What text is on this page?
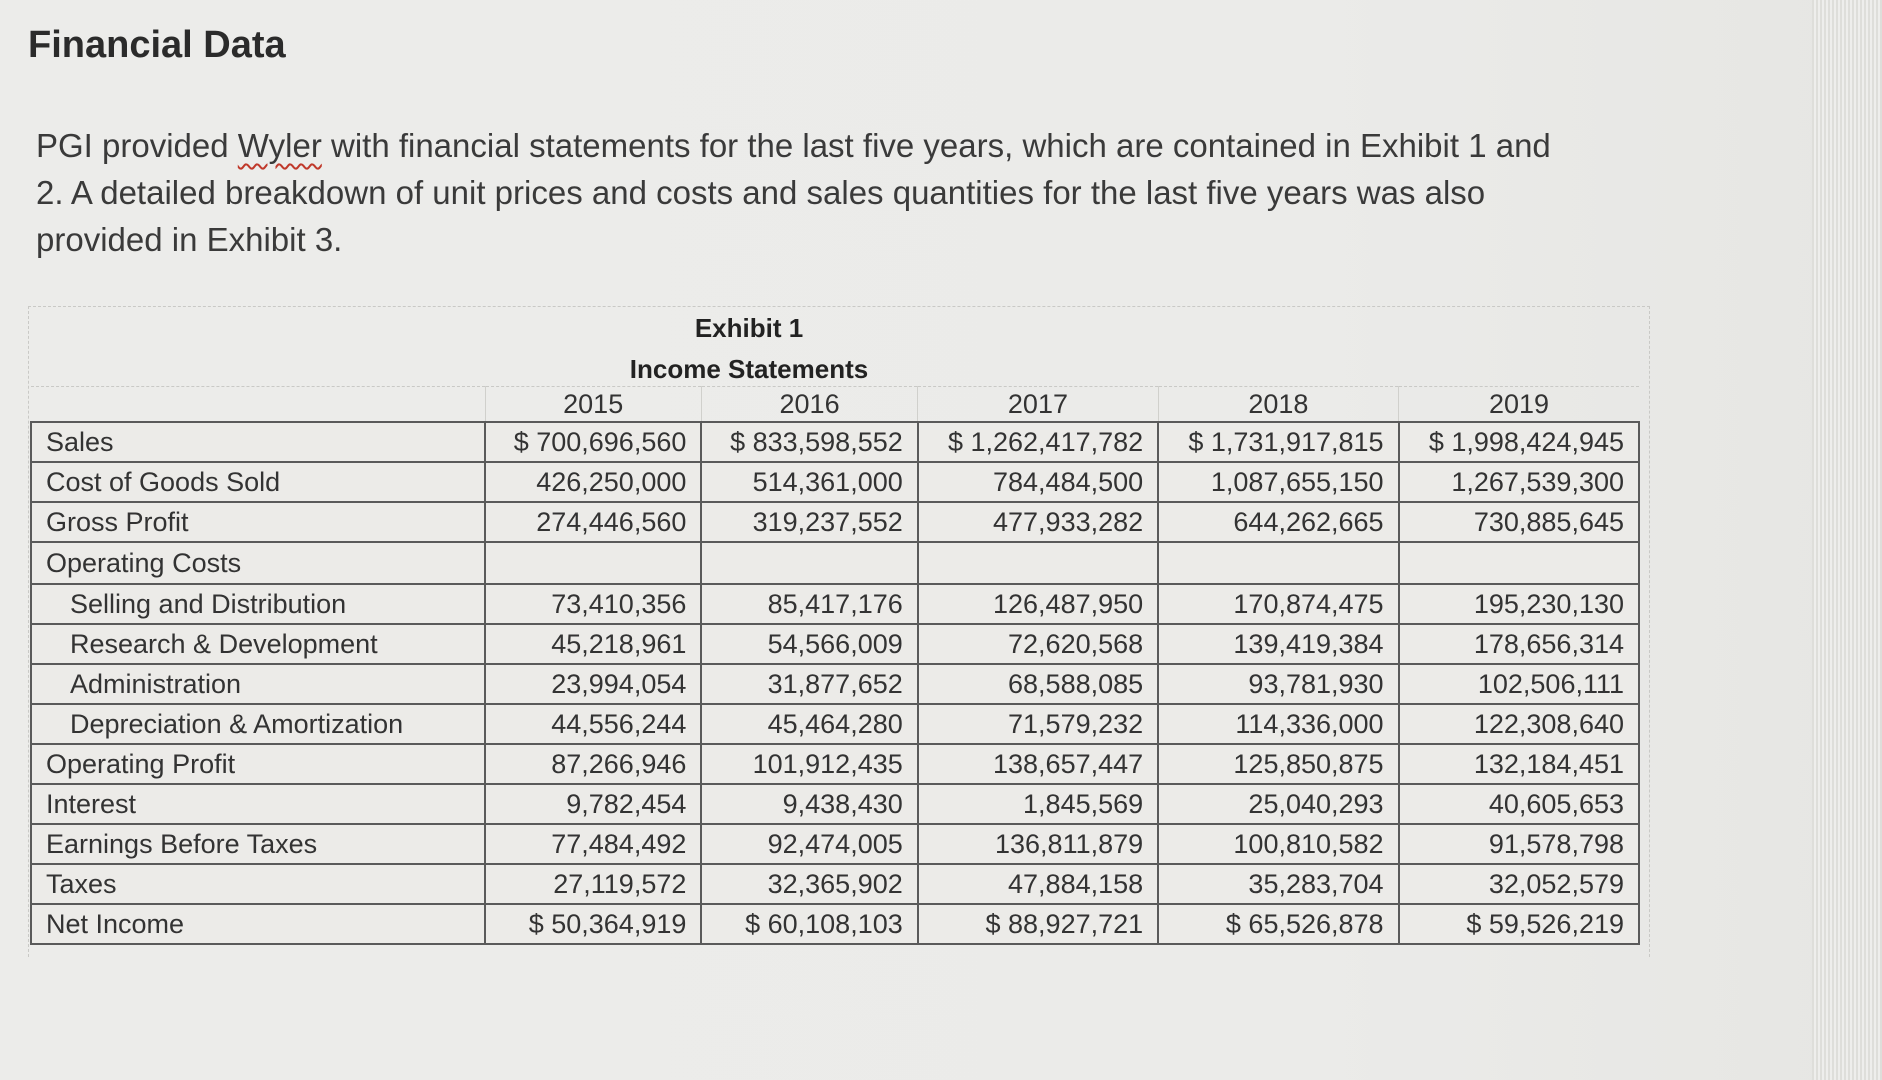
Financial Data
PGI provided Wyler with financial statements for the last five years, which are contained in Exhibit 1 and
2. A detailed breakdown of unit prices and costs and sales quantities for the last five years was also
provided in Exhibit 3.
Exhibit 1
Income Statements
	2015	2016	2017	2018	2019
Sales	$ 700,696,560	$ 833,598,552	$ 1,262,417,782	$ 1,731,917,815	$ 1,998,424,945
Cost of Goods Sold	426,250,000	514,361,000	784,484,500	1,087,655,150	1,267,539,300
Gross Profit	274,446,560	319,237,552	477,933,282	644,262,665	730,885,645
Operating Costs					
Selling and Distribution	73,410,356	85,417,176	126,487,950	170,874,475	195,230,130
Research & Development	45,218,961	54,566,009	72,620,568	139,419,384	178,656,314
Administration	23,994,054	31,877,652	68,588,085	93,781,930	102,506,111
Depreciation & Amortization	44,556,244	45,464,280	71,579,232	114,336,000	122,308,640
Operating Profit	87,266,946	101,912,435	138,657,447	125,850,875	132,184,451
Interest	9,782,454	9,438,430	1,845,569	25,040,293	40,605,653
Earnings Before Taxes	77,484,492	92,474,005	136,811,879	100,810,582	91,578,798
Taxes	27,119,572	32,365,902	47,884,158	35,283,704	32,052,579
Net Income	$ 50,364,919	$ 60,108,103	$ 88,927,721	$ 65,526,878	$ 59,526,219
